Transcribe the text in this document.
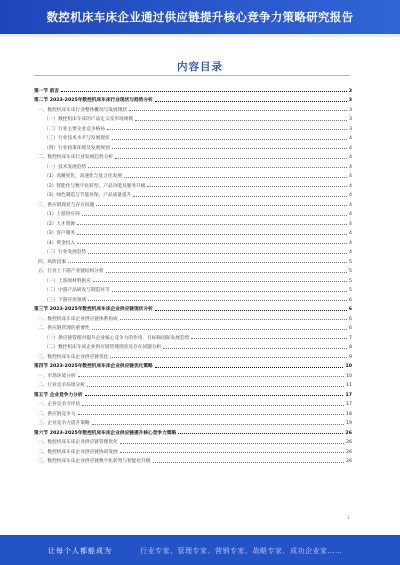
数控机床车床企业通过供应链提升核心竞争力策略研究报告
内容目录
第一节 前言	3
第二节 2023-2025年数控机床车床行业现状与趋势分析	3
一、数控机床车床行业整体概况与发展现状	3
（一）数控机床车床的产品定义及市场规模	3
（二）行业主要企业竞争格局	3
（三）行业技术水平与发展现状	4
（四）行业政策环境及发展规划	4
二、数控机床车床行业发展趋势分析	4
（一）技术发展趋势	4
（1）高精度化、高速化与复合化发展	4
（2）智能化与数字化转型，产品功能及服务升级	4
（3）绿色制造与节能环保，产品质量提升	4
三、供应链现状与存在问题	4
（1）上游供应商	4
（2）人才资源	4
（3）客户服务	4
（4）资金投入	4
（二）行业发展趋势	4
四、风险因素	5
五、行业上下游产业链结构分析	5
（一）上游原材料供应	5
（二）中游产品研发与制造环节	5
（三）下游应用领域	6
第三节 2023-2025年数控机床车床企业供应链现状分析	6
一、数控机床车床企业供应链体系构成	6
二、供应链管理的重要性	6
（一）供应链管理对提升企业核心竞争力的作用、目标和国际发展趋势	7
（二）数控机床车床企业供应链管理现状及存在问题分析	8
三、数控机床车床企业供应链优化	9
第四节 2023-2025年数控机床车床企业供应链优化策略	10
一、市场环境分析	10
二、行业竞争环境分析	11
第五节 企业竞争力分析	17
一、企业竞争力评估	17
二、供应链竞争力	18
三、企业竞争力提升策略	19
第六节 2023-2025年数控机床车床企业供应链提升核心竞争力策略	26
一、数控机床车床企业供应链管理优化	26
二、数控机床车床企业供应链协同发展	26
三、数控机床车床企业供应链数字化转型与智能化升级	26
1
让每个人都能成为	行业专家、管理专家、营销专家、战略专家、成功企业家……
